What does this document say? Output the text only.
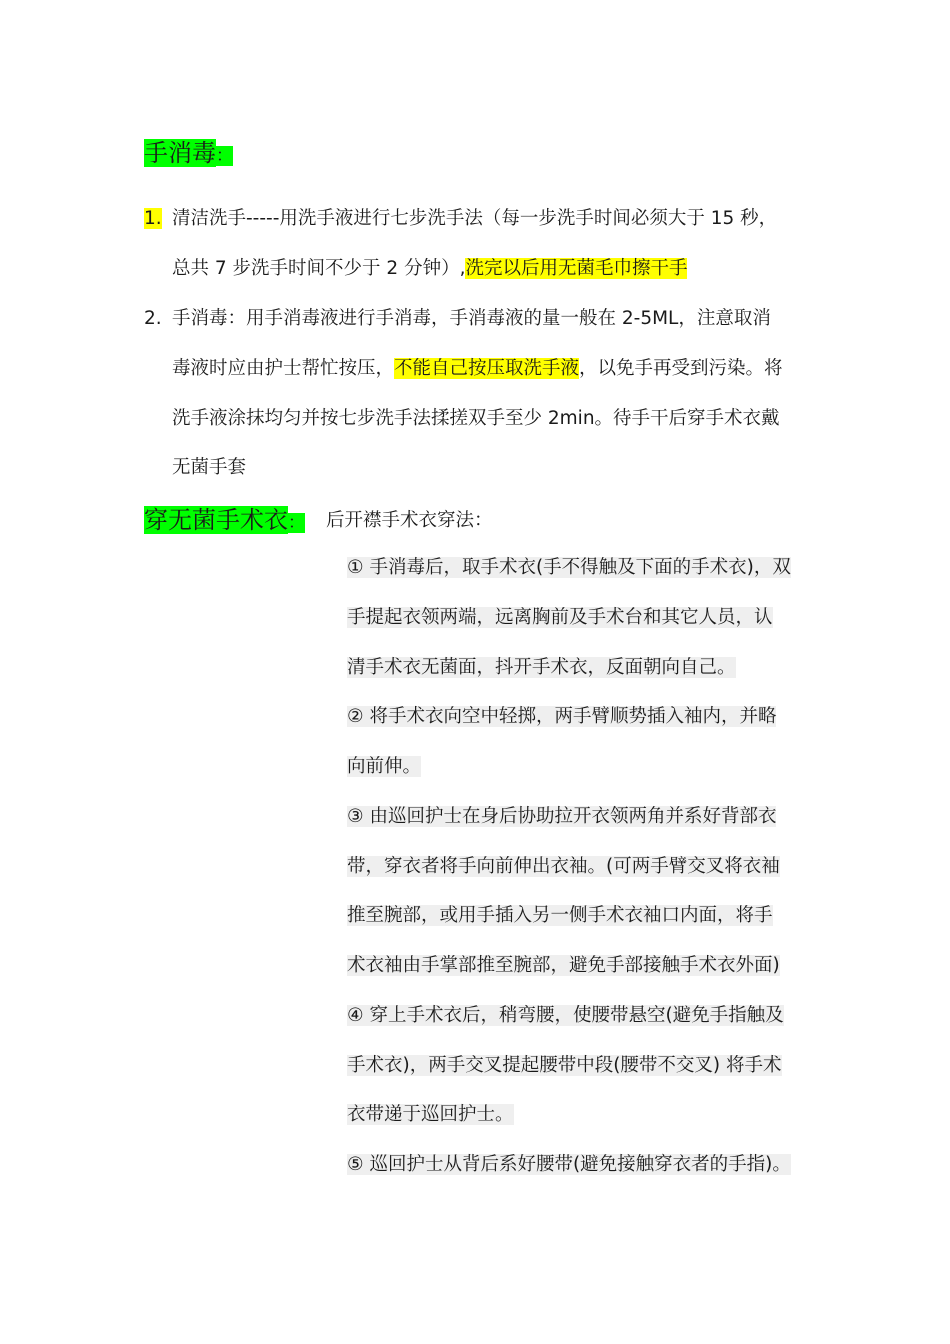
手消毒：
1. 清洁洗手-----用洗手液进行七步洗手法（每一步洗手时间必须大于 15 秒，
总共 7 步洗手时间不少于 2 分钟）,洗完以后用无菌毛巾擦干手
2. 手消毒：用手消毒液进行手消毒，手消毒液的量一般在 2-5ML，注意取消
毒液时应由护士帮忙按压，不能自己按压取洗手液，以免手再受到污染。将
洗手液涂抹均匀并按七步洗手法揉搓双手至少 2min。待手干后穿手术衣戴
无菌手套
穿无菌手术衣： 后开襟手术衣穿法：
① 手消毒后，取手术衣(手不得触及下面的手术衣)，双
手提起衣领两端，远离胸前及手术台和其它人员，认
清手术衣无菌面，抖开手术衣，反面朝向自己。
② 将手术衣向空中轻掷，两手臂顺势插入袖内，并略
向前伸。
③ 由巡回护士在身后协助拉开衣领两角并系好背部衣
带，穿衣者将手向前伸出衣袖。(可两手臂交叉将衣袖
推至腕部，或用手插入另一侧手术衣袖口内面，将手
术衣袖由手掌部推至腕部，避免手部接触手术衣外面)
④ 穿上手术衣后，稍弯腰，使腰带悬空(避免手指触及
手术衣)，两手交叉提起腰带中段(腰带不交叉) 将手术
衣带递于巡回护士。
⑤ 巡回护士从背后系好腰带(避免接触穿衣者的手指)。
